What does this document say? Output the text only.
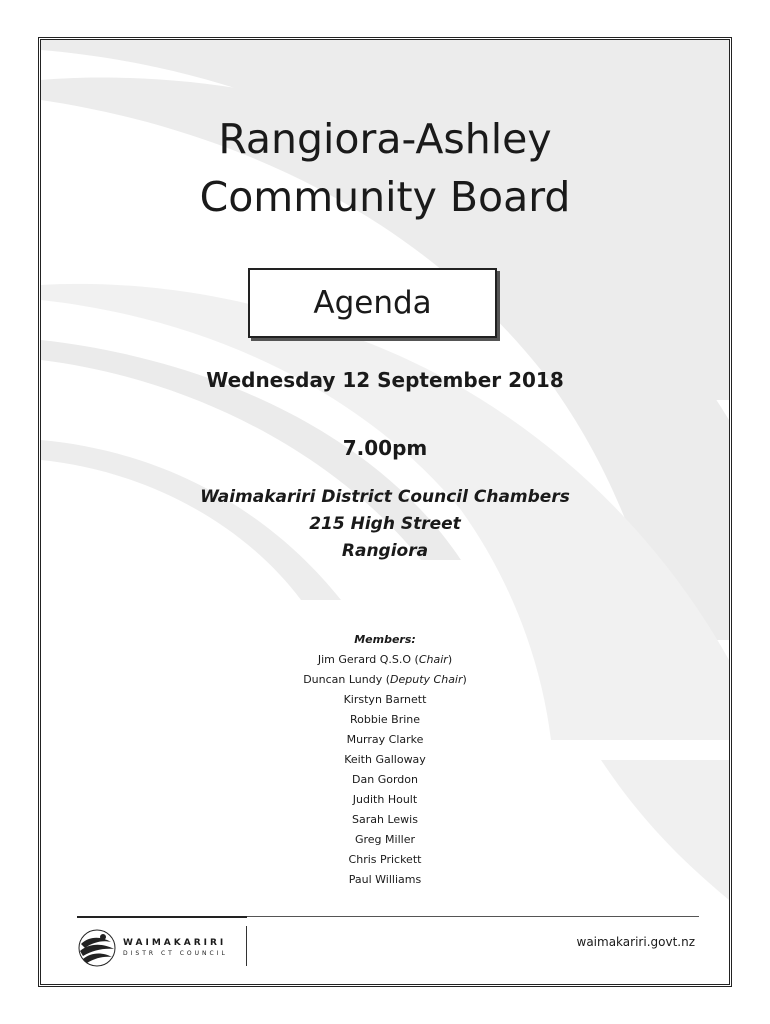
Rangiora-Ashley
Community Board
Agenda
Wednesday 12 September 2018
7.00pm
Waimakariri District Council Chambers
215 High Street
Rangiora
Members:
Jim Gerard Q.S.O (Chair)
Duncan Lundy (Deputy Chair)
Kirstyn Barnett
Robbie Brine
Murray Clarke
Keith Galloway
Dan Gordon
Judith Hoult
Sarah Lewis
Greg Miller
Chris Prickett
Paul Williams
WAIMAKARIRI
DISTR CT COUNCIL
waimakariri.govt.nz
